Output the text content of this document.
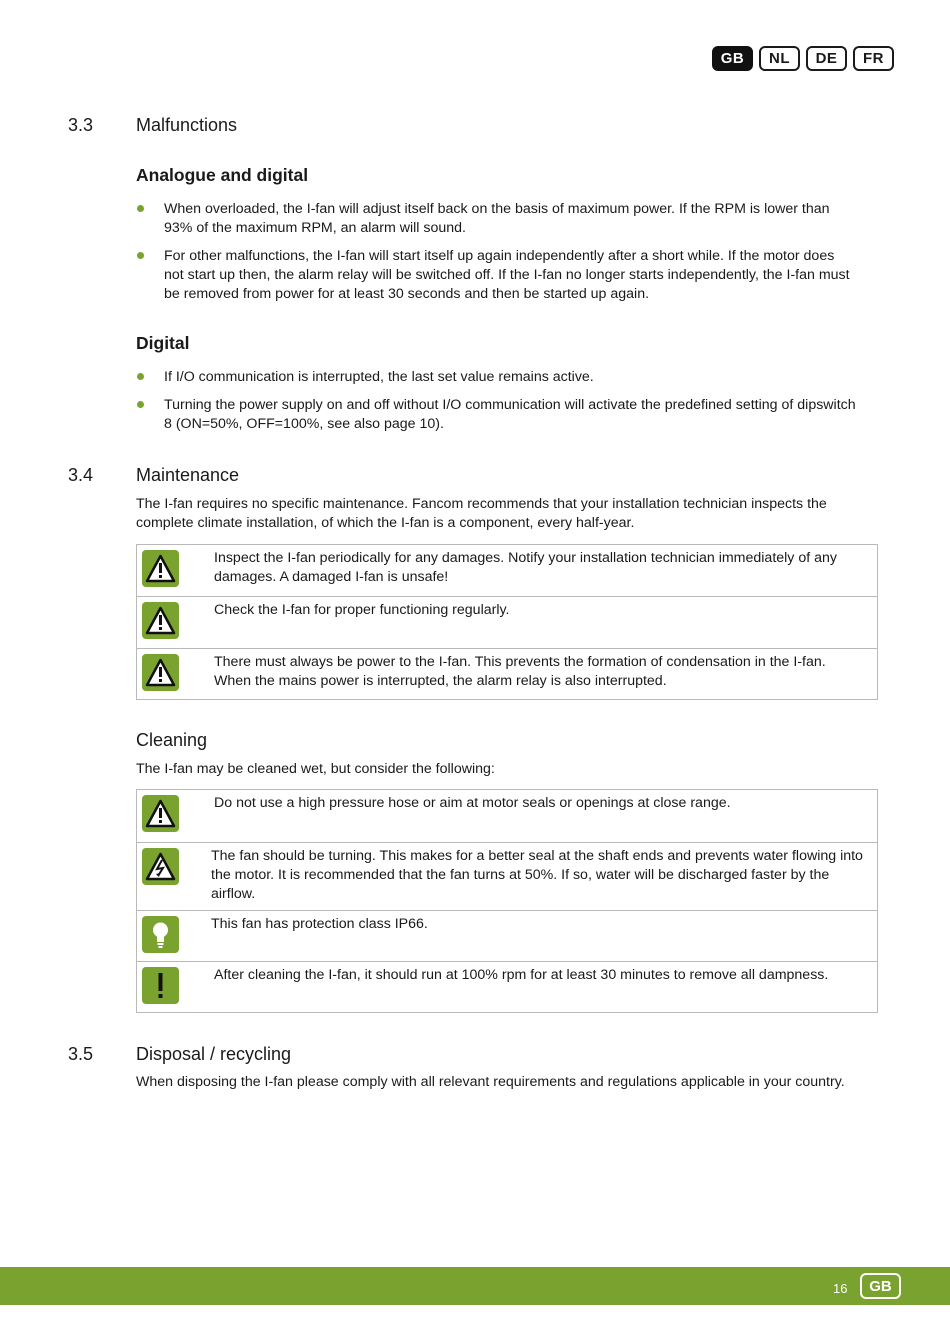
GB	NL	DE	FR
3.3 Malfunctions
Analogue and digital
When overloaded, the I-fan will adjust itself back on the basis of maximum power. If the RPM is lower than 93% of the maximum RPM, an alarm will sound.
For other malfunctions, the I-fan will start itself up again independently after a short while. If the motor does not start up then, the alarm relay will be switched off. If the I-fan no longer starts independently, the I-fan must be removed from power for at least 30 seconds and then be started up again.
Digital
If I/O communication is interrupted, the last set value remains active.
Turning the power supply on and off without I/O communication will activate the predefined setting of dipswitch 8 (ON=50%, OFF=100%, see also page 10).
3.4 Maintenance
The I-fan requires no specific maintenance. Fancom recommends that your installation technician inspects the complete climate installation, of which the I-fan is a component, every half-year.
Inspect the I-fan periodically for any damages. Notify your installation technician immediately of any damages. A damaged I-fan is unsafe!
Check the I-fan for proper functioning regularly.
There must always be power to the I-fan. This prevents the formation of condensation in the I-fan. When the mains power is interrupted, the alarm relay is also interrupted.
Cleaning
The I-fan may be cleaned wet, but consider the following:
Do not use a high pressure hose or aim at motor seals or openings at close range.
The fan should be turning. This makes for a better seal at the shaft ends and prevents water flowing into the motor. It is recommended that the fan turns at 50%. If so, water will be discharged faster by the airflow.
This fan has protection class IP66.
After cleaning the I-fan, it should run at 100% rpm for at least 30 minutes to remove all dampness.
3.5 Disposal / recycling
When disposing the I-fan please comply with all relevant requirements and regulations applicable in your country.
16	GB
